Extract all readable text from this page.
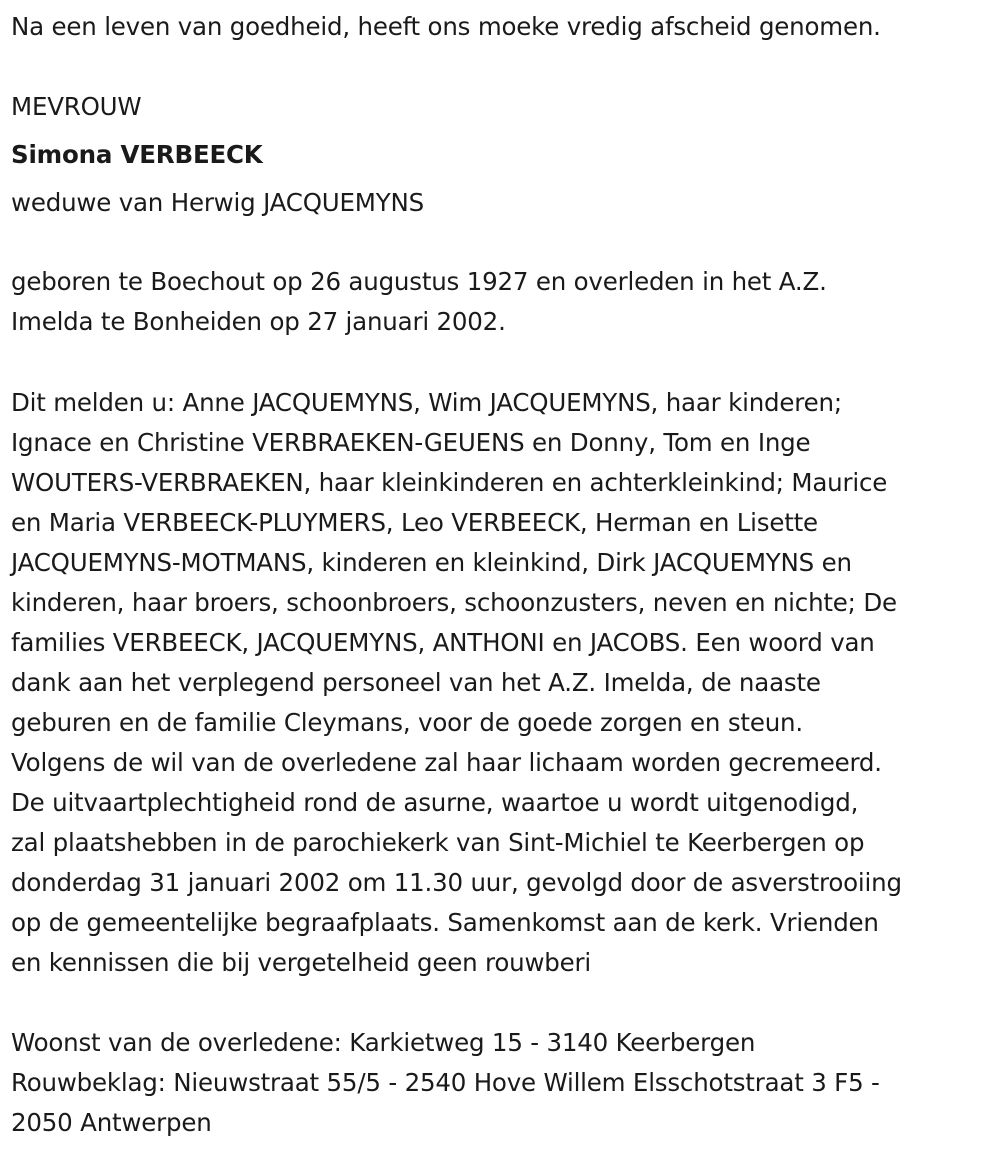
Na een leven van goedheid, heeft ons moeke vredig afscheid genomen.
MEVROUW
Simona VERBEECK
weduwe van Herwig JACQUEMYNS
geboren te Boechout op 26 augustus 1927 en overleden in het A.Z.
Imelda te Bonheiden op 27 januari 2002.
Dit melden u: Anne JACQUEMYNS, Wim JACQUEMYNS, haar kinderen;
Ignace en Christine VERBRAEKEN-GEUENS en Donny, Tom en Inge
WOUTERS-VERBRAEKEN, haar kleinkinderen en achterkleinkind; Maurice
en Maria VERBEECK-PLUYMERS, Leo VERBEECK, Herman en Lisette
JACQUEMYNS-MOTMANS, kinderen en kleinkind, Dirk JACQUEMYNS en
kinderen, haar broers, schoonbroers, schoonzusters, neven en nichte; De
families VERBEECK, JACQUEMYNS, ANTHONI en JACOBS. Een woord van
dank aan het verplegend personeel van het A.Z. Imelda, de naaste
geburen en de familie Cleymans, voor de goede zorgen en steun.
Volgens de wil van de overledene zal haar lichaam worden gecremeerd.
De uitvaartplechtigheid rond de asurne, waartoe u wordt uitgenodigd,
zal plaatshebben in de parochiekerk van Sint-Michiel te Keerbergen op
donderdag 31 januari 2002 om 11.30 uur, gevolgd door de asverstrooiing
op de gemeentelijke begraafplaats. Samenkomst aan de kerk. Vrienden
en kennissen die bij vergetelheid geen rouwberi
Woonst van de overledene: Karkietweg 15 - 3140 Keerbergen
Rouwbeklag: Nieuwstraat 55/5 - 2540 Hove Willem Elsschotstraat 3 F5 -
2050 Antwerpen
